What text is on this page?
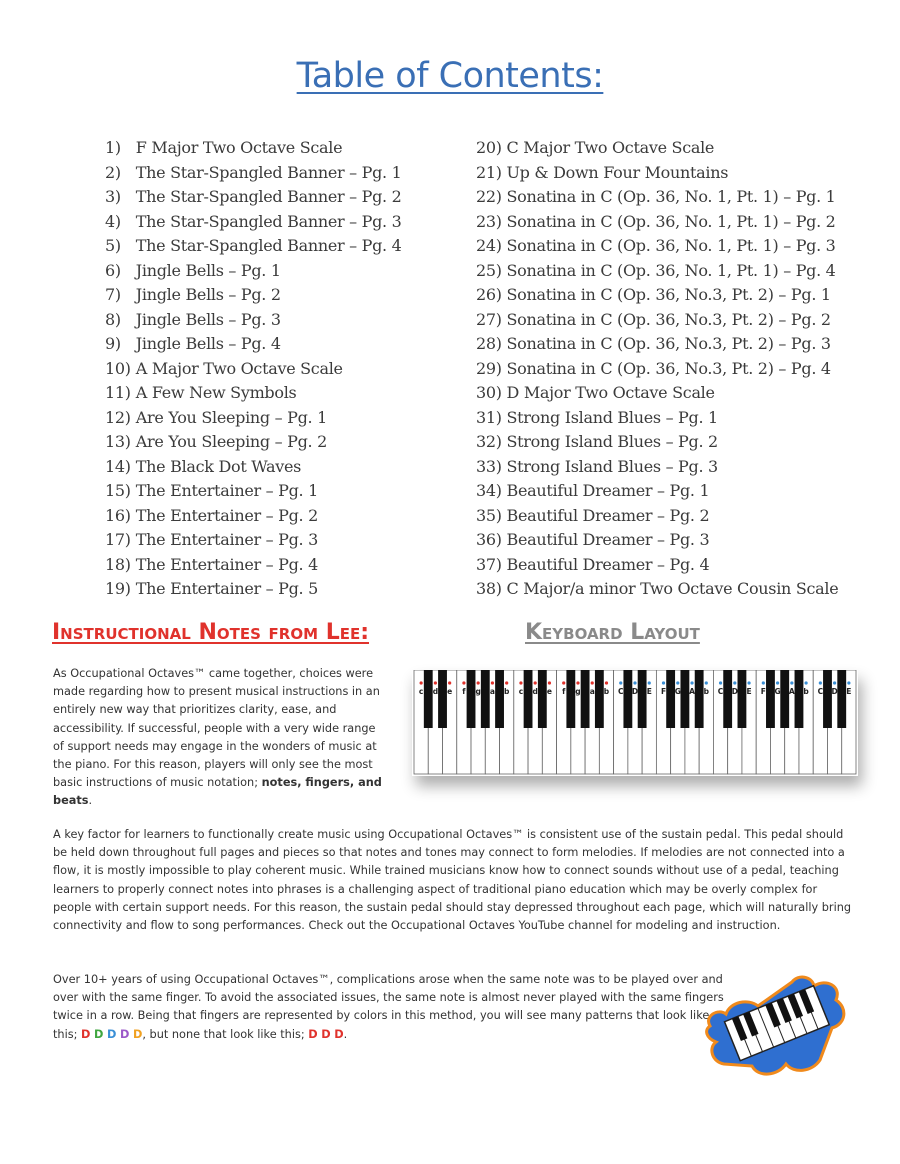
Table of Contents:
1) F Major Two Octave Scale
2) The Star-Spangled Banner – Pg. 1
3) The Star-Spangled Banner – Pg. 2
4) The Star-Spangled Banner – Pg. 3
5) The Star-Spangled Banner – Pg. 4
6) Jingle Bells – Pg. 1
7) Jingle Bells – Pg. 2
8) Jingle Bells – Pg. 3
9) Jingle Bells – Pg. 4
10) A Major Two Octave Scale
11) A Few New Symbols
12) Are You Sleeping – Pg. 1
13) Are You Sleeping – Pg. 2
14) The Black Dot Waves
15) The Entertainer – Pg. 1
16) The Entertainer – Pg. 2
17) The Entertainer – Pg. 3
18) The Entertainer – Pg. 4
19) The Entertainer – Pg. 5
20) C Major Two Octave Scale
21) Up & Down Four Mountains
22) Sonatina in C (Op. 36, No. 1, Pt. 1) – Pg. 1
23) Sonatina in C (Op. 36, No. 1, Pt. 1) – Pg. 2
24) Sonatina in C (Op. 36, No. 1, Pt. 1) – Pg. 3
25) Sonatina in C (Op. 36, No. 1, Pt. 1) – Pg. 4
26) Sonatina in C (Op. 36, No.3, Pt. 2) – Pg. 1
27) Sonatina in C (Op. 36, No.3, Pt. 2) – Pg. 2
28) Sonatina in C (Op. 36, No.3, Pt. 2) – Pg. 3
29) Sonatina in C (Op. 36, No.3, Pt. 2) – Pg. 4
30) D Major Two Octave Scale
31) Strong Island Blues – Pg. 1
32) Strong Island Blues – Pg. 2
33) Strong Island Blues – Pg. 3
34) Beautiful Dreamer – Pg. 1
35) Beautiful Dreamer – Pg. 2
36) Beautiful Dreamer – Pg. 3
37) Beautiful Dreamer – Pg. 4
38) C Major/a minor Two Octave Cousin Scale
Instructional Notes from Lee:	Keyboard Layout
As Occupational Octaves™ came together, choices were made regarding how to present musical instructions in an entirely new way that prioritizes clarity, ease, and accessibility. If successful, people with a very wide range of support needs may engage in the wonders of music at the piano. For this reason, players will only see the most basic instructions of music notation; notes, fingers, and beats.
c d e f g a b c d e f g a b C D E F G A b C D E F G A b C D E
A key factor for learners to functionally create music using Occupational Octaves™ is consistent use of the sustain pedal. This pedal should be held down throughout full pages and pieces so that notes and tones may connect to form melodies. If melodies are not connected into a flow, it is mostly impossible to play coherent music. While trained musicians know how to connect sounds without use of a pedal, teaching learners to properly connect notes into phrases is a challenging aspect of traditional piano education which may be overly complex for people with certain support needs. For this reason, the sustain pedal should stay depressed throughout each page, which will naturally bring connectivity and flow to song performances. Check out the Occupational Octaves YouTube channel for modeling and instruction.
Over 10+ years of using Occupational Octaves™, complications arose when the same note was to be played over and over with the same finger. To avoid the associated issues, the same note is almost never played with the same fingers twice in a row. Being that fingers are represented by colors in this method, you will see many patterns that look like this; D D D D D, but none that look like this; D D D.
